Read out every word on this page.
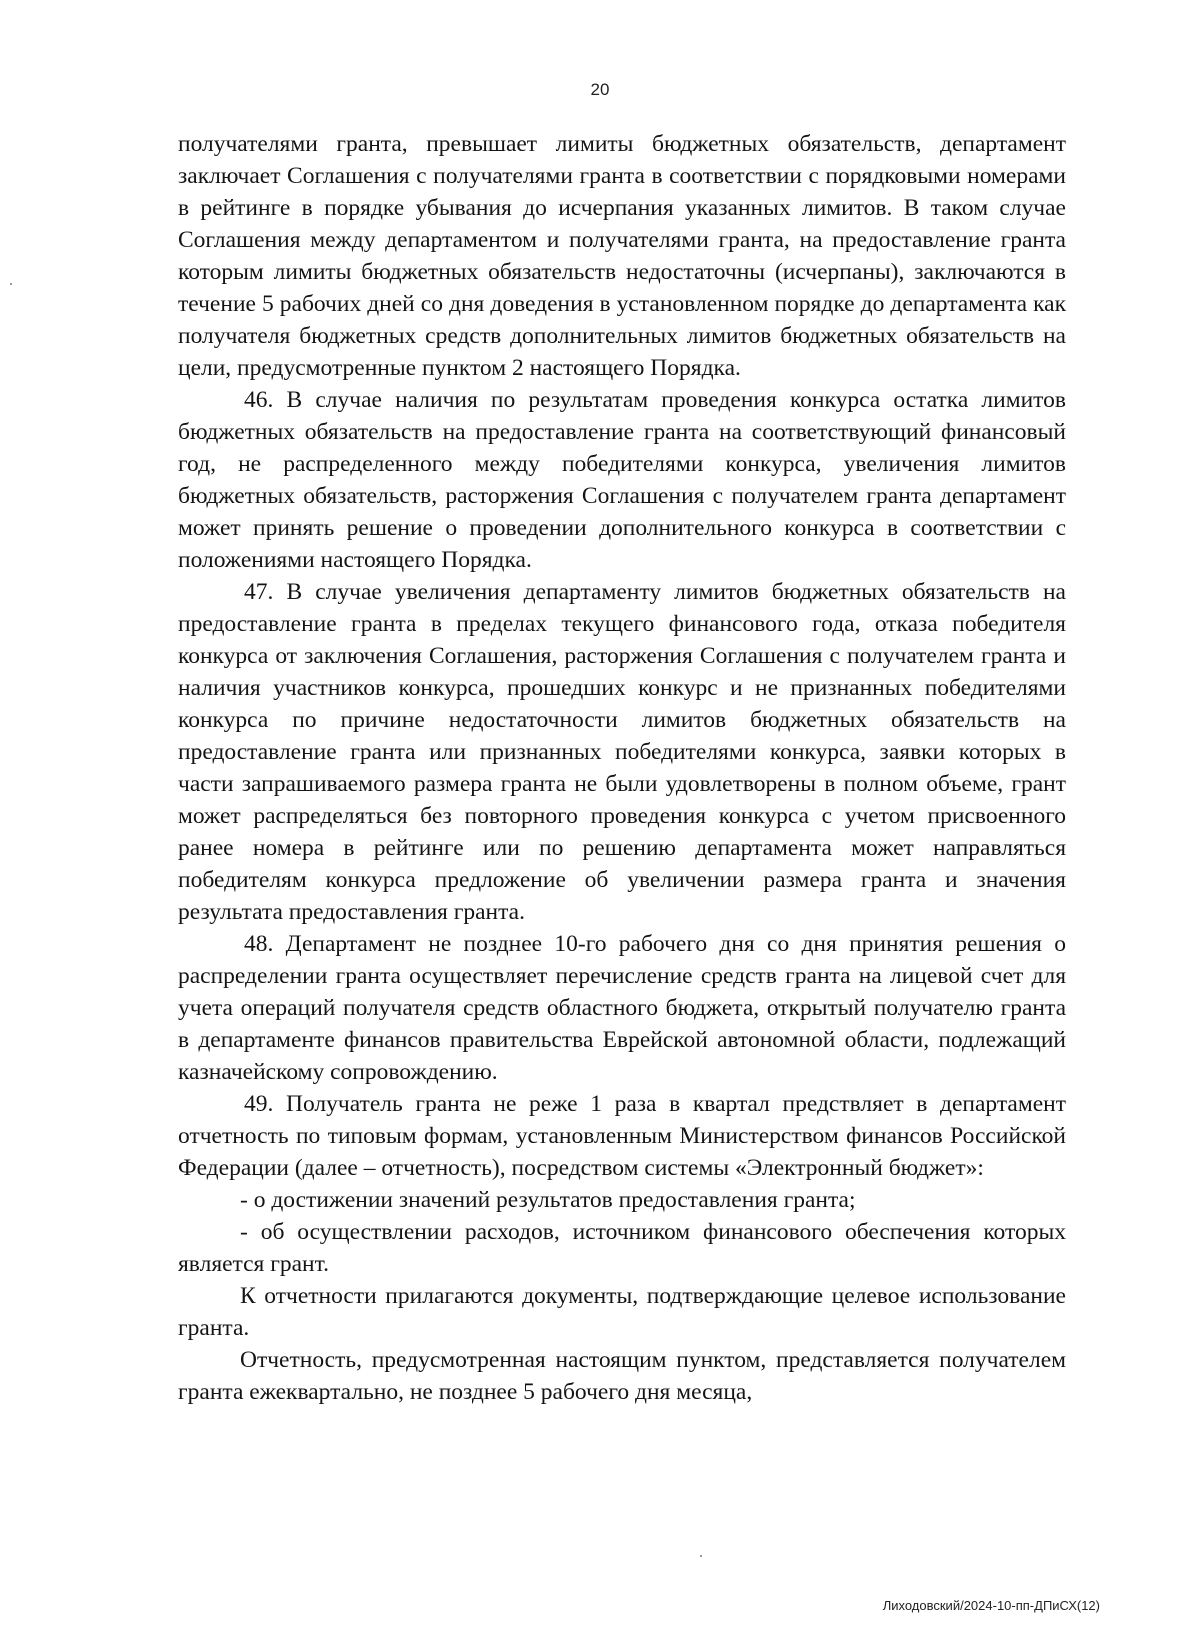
20

получателями гранта, превышает лимиты бюджетных обязательств, департамент заключает Соглашения с получателями гранта в соответствии с порядковыми номерами в рейтинге в порядке убывания до исчерпания указанных лимитов. В таком случае Соглашения между департаментом и получателями гранта, на предоставление гранта которым лимиты бюджетных обязательств недостаточны (исчерпаны), заключаются в течение 5 рабочих дней со дня доведения в установленном порядке до департамента как получателя бюджетных средств дополнительных лимитов бюджетных обязательств на цели, предусмотренные пунктом 2 настоящего Порядка.

46. В случае наличия по результатам проведения конкурса остатка лимитов бюджетных обязательств на предоставление гранта на соответствующий финансовый год, не распределенного между победителями конкурса, увеличения лимитов бюджетных обязательств, расторжения Соглашения с получателем гранта департамент может принять решение о проведении дополнительного конкурса в соответствии с положениями настоящего Порядка.

47. В случае увеличения департаменту лимитов бюджетных обязательств на предоставление гранта в пределах текущего финансового года, отказа победителя конкурса от заключения Соглашения, расторжения Соглашения с получателем гранта и наличия участников конкурса, прошедших конкурс и не признанных победителями конкурса по причине недостаточности лимитов бюджетных обязательств на предоставление гранта или признанных победителями конкурса, заявки которых в части запрашиваемого размера гранта не были удовлетворены в полном объеме, грант может распределяться без повторного проведения конкурса с учетом присвоенного ранее номера в рейтинге или по решению департамента может направляться победителям конкурса предложение об увеличении размера гранта и значения результата предоставления гранта.

48. Департамент не позднее 10-го рабочего дня со дня принятия решения о распределении гранта осуществляет перечисление средств гранта на лицевой счет для учета операций получателя средств областного бюджета, открытый получателю гранта в департаменте финансов правительства Еврейской автономной области, подлежащий казначейскому сопровождению.

49. Получатель гранта не реже 1 раза в квартал предствляет в департамент отчетность по типовым формам, установленным Министерством финансов Российской Федерации (далее – отчетность), посредством системы «Электронный бюджет»:

- о достижении значений результатов предоставления гранта;

- об осуществлении расходов, источником финансового обеспечения которых является грант.

К отчетности прилагаются документы, подтверждающие целевое использование гранта.

Отчетность, предусмотренная настоящим пунктом, представляется получателем гранта ежеквартально, не позднее 5 рабочего дня месяца,

Лиходовский/2024-10-пп-ДПиСХ(12)
